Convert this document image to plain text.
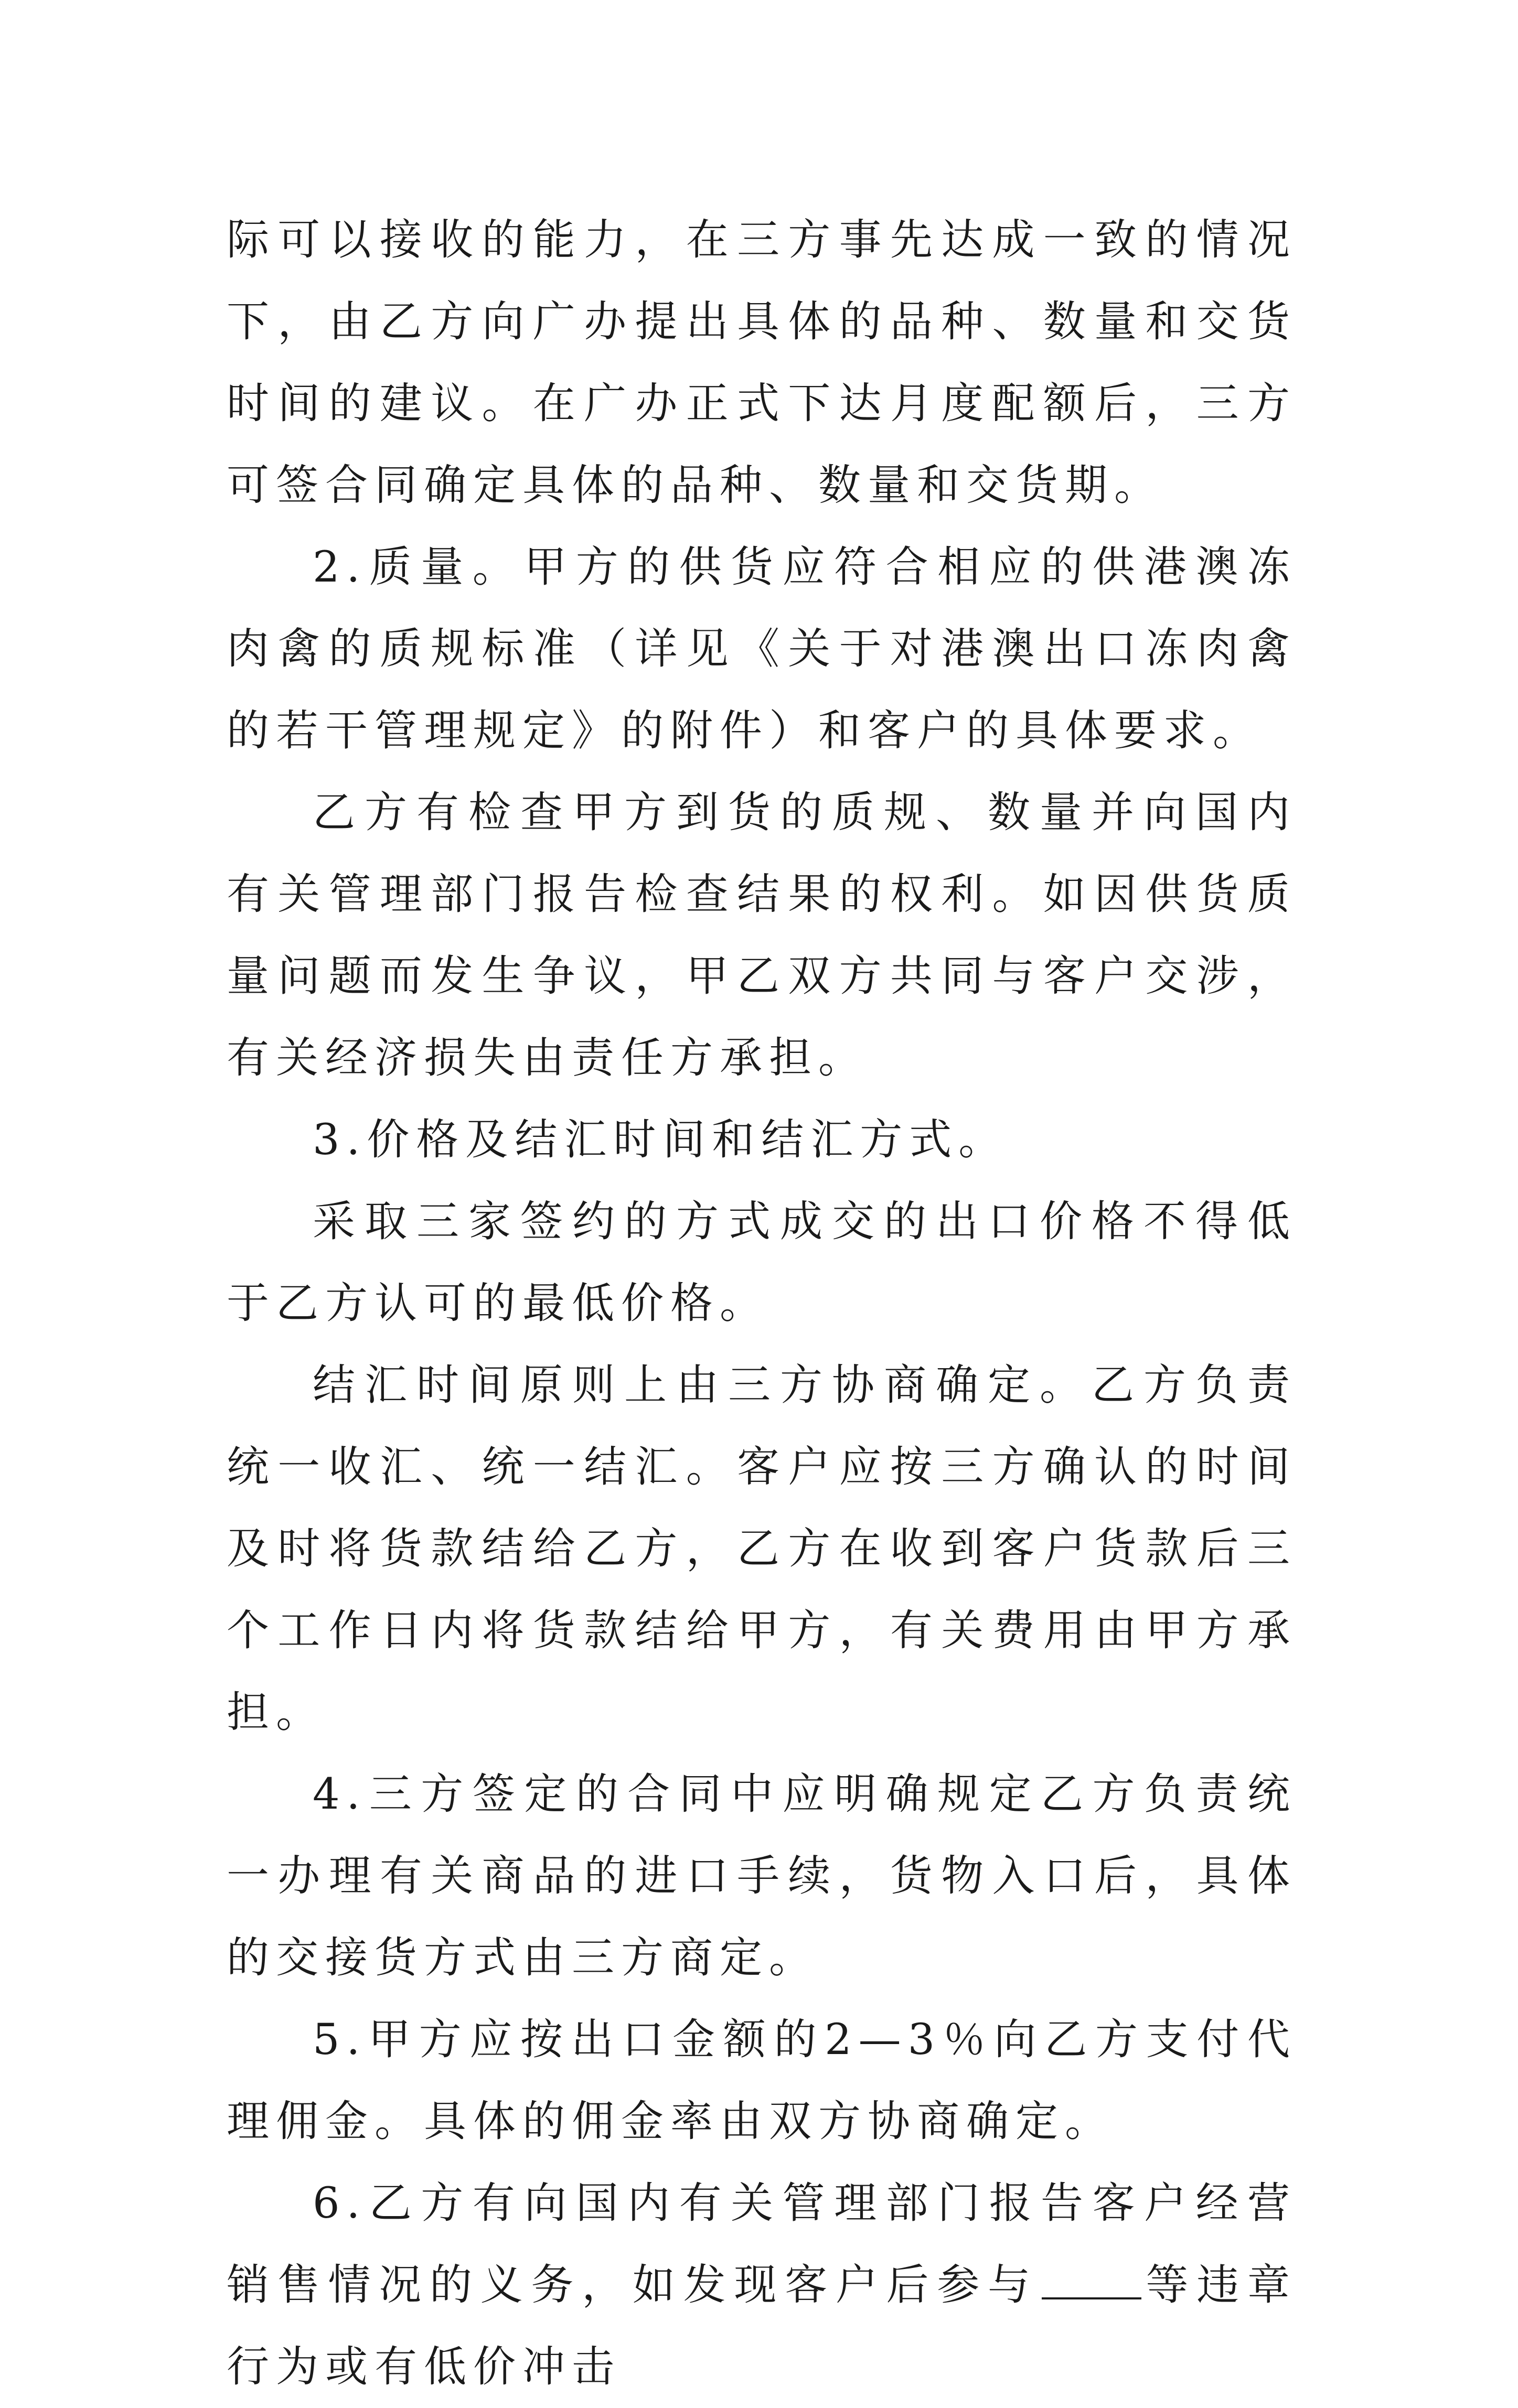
际可以接收的能力，在三方事先达成一致的情况下，由乙方向广办提出具体的品种、数量和交货时间的建议。在广办正式下达月度配额后，三方可签合同确定具体的品种、数量和交货期。

2.质量。甲方的供货应符合相应的供港澳冻肉禽的质规标准（详见《关于对港澳出口冻肉禽的若干管理规定》的附件）和客户的具体要求。

乙方有检查甲方到货的质规、数量并向国内有关管理部门报告检查结果的权利。如因供货质量问题而发生争议，甲乙双方共同与客户交涉，有关经济损失由责任方承担。

3.价格及结汇时间和结汇方式。

采取三家签约的方式成交的出口价格不得低于乙方认可的最低价格。

结汇时间原则上由三方协商确定。乙方负责统一收汇、统一结汇。客户应按三方确认的时间及时将货款结给乙方，乙方在收到客户货款后三个工作日内将货款结给甲方，有关费用由甲方承担。

4.三方签定的合同中应明确规定乙方负责统一办理有关商品的进口手续，货物入口后，具体的交接货方式由三方商定。

5.甲方应按出口金额的2—3％向乙方支付代理佣金。具体的佣金率由双方协商确定。

6.乙方有向国内有关管理部门报告客户经营销售情况的义务，如发现客户后参与 等违章行为或有低价冲击
